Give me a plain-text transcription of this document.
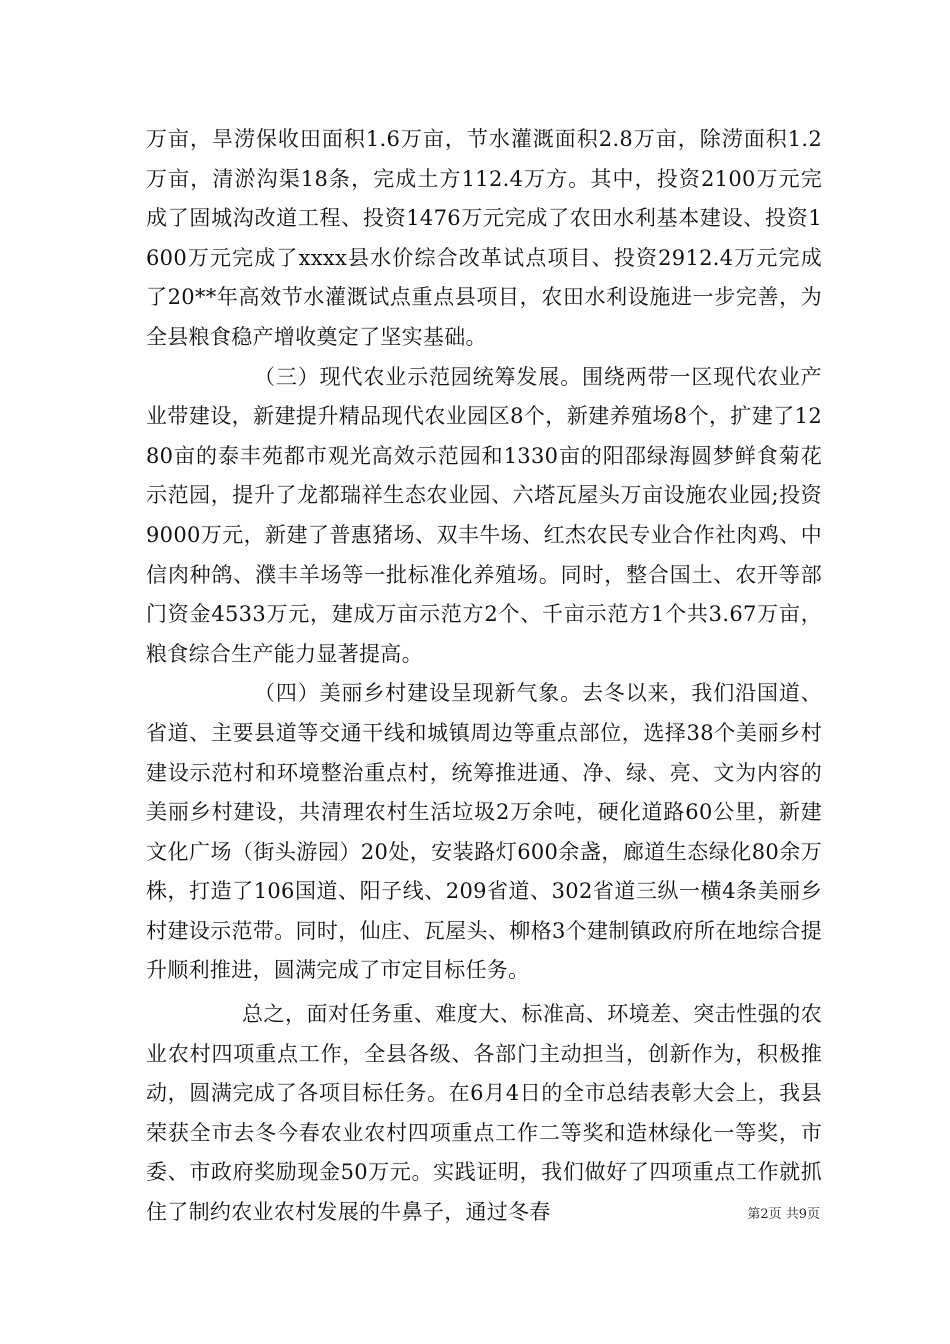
万亩，旱涝保收田面积1.6万亩，节水灌溉面积2.8万亩，除涝面积1.2万亩，清淤沟渠18条，完成土方112.4万方。其中，投资2100万元完成了固城沟改道工程、投资1476万元完成了农田水利基本建设、投资1600万元完成了xxxx县水价综合改革试点项目、投资2912.4万元完成了20**年高效节水灌溉试点重点县项目，农田水利设施进一步完善，为全县粮食稳产增收奠定了坚实基础。

（三）现代农业示范园统筹发展。围绕两带一区现代农业产业带建设，新建提升精品现代农业园区8个，新建养殖场8个，扩建了1280亩的泰丰苑都市观光高效示范园和1330亩的阳邵绿海圆梦鲜食菊花示范园，提升了龙都瑞祥生态农业园、六塔瓦屋头万亩设施农业园;投资9000万元，新建了普惠猪场、双丰牛场、红杰农民专业合作社肉鸡、中信肉种鸽、濮丰羊场等一批标准化养殖场。同时，整合国土、农开等部门资金4533万元，建成万亩示范方2个、千亩示范方1个共3.67万亩，粮食综合生产能力显著提高。

（四）美丽乡村建设呈现新气象。去冬以来，我们沿国道、省道、主要县道等交通干线和城镇周边等重点部位，选择38个美丽乡村建设示范村和环境整治重点村，统筹推进通、净、绿、亮、文为内容的美丽乡村建设，共清理农村生活垃圾2万余吨，硬化道路60公里，新建文化广场（街头游园）20处，安装路灯600余盏，廊道生态绿化80余万株，打造了106国道、阳子线、209省道、302省道三纵一横4条美丽乡村建设示范带。同时，仙庄、瓦屋头、柳格3个建制镇政府所在地综合提升顺利推进，圆满完成了市定目标任务。

总之，面对任务重、难度大、标准高、环境差、突击性强的农业农村四项重点工作，全县各级、各部门主动担当，创新作为，积极推动，圆满完成了各项目标任务。在6月4日的全市总结表彰大会上，我县荣获全市去冬今春农业农村四项重点工作二等奖和造林绿化一等奖，市委、市政府奖励现金50万元。实践证明，我们做好了四项重点工作就抓住了制约农业农村发展的牛鼻子，通过冬春	第2页 共9页
